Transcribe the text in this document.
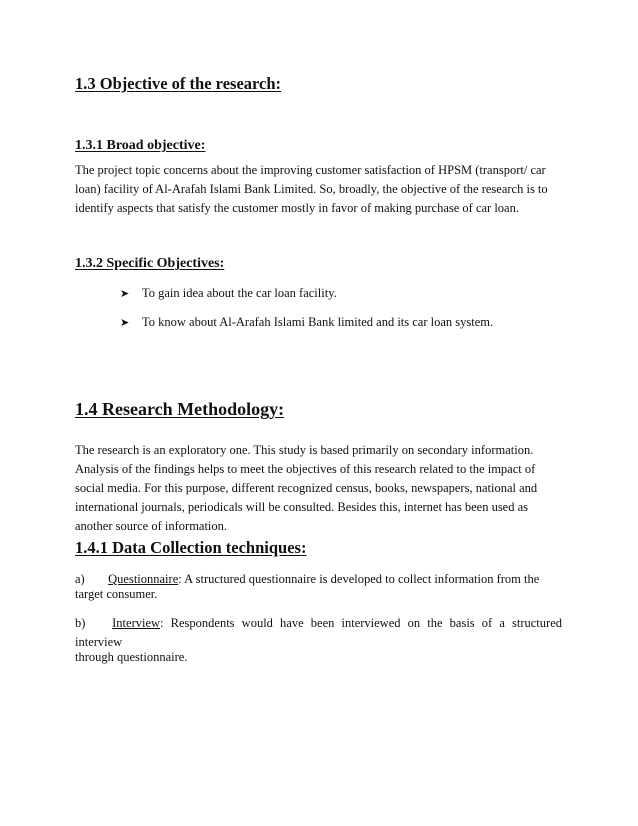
1.3 Objective of the research:
1.3.1 Broad objective:
The project topic concerns about the improving customer satisfaction of HPSM (transport/ car
loan) facility of Al-Arafah Islami Bank Limited. So, broadly, the objective of the research is to
identify aspects that satisfy the customer mostly in favor of making purchase of car loan.
1.3.2 Specific Objectives:
➤ To gain idea about the car loan facility.
➤ To know about Al-Arafah Islami Bank limited and its car loan system.
1.4 Research Methodology:
The research is an exploratory one. This study is based primarily on secondary information.
Analysis of the findings helps to meet the objectives of this research related to the impact of
social media. For this purpose, different recognized census, books, newspapers, national and
international journals, periodicals will be consulted. Besides this, internet has been used as
another source of information.
1.4.1 Data Collection techniques:
a) Questionnaire: A structured questionnaire is developed to collect information from the
target consumer.
b) Interview: Respondents would have been interviewed on the basis of a structured interview
through questionnaire.
